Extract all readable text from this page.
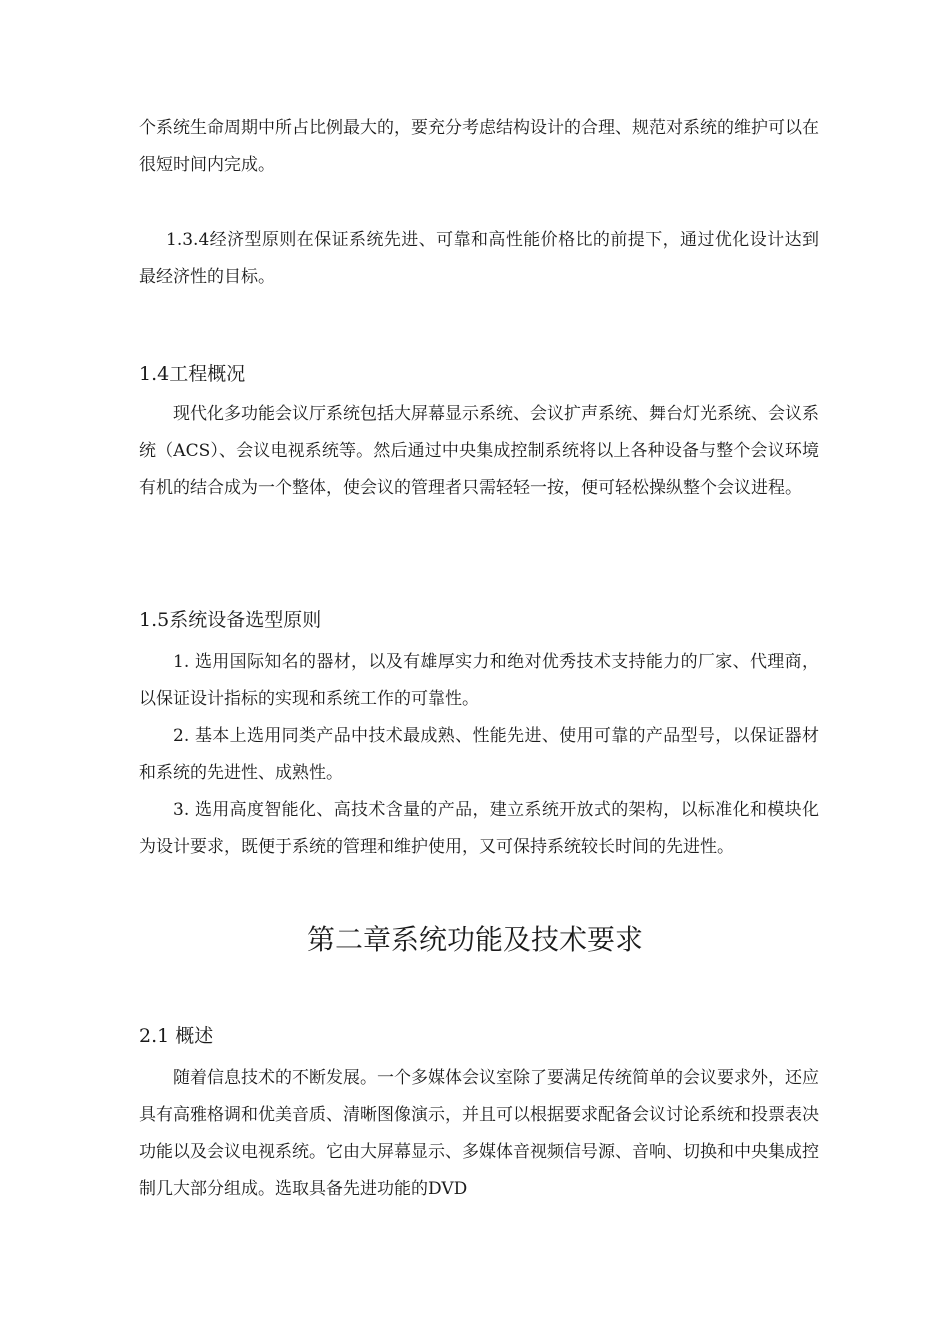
个系统生命周期中所占比例最大的，要充分考虑结构设计的合理、规范对系统的维护可以在很短时间内完成。

1.3.4经济型原则在保证系统先进、可靠和高性能价格比的前提下，通过优化设计达到最经济性的目标。

1.4工程概况

现代化多功能会议厅系统包括大屏幕显示系统、会议扩声系统、舞台灯光系统、会议系统（ACS）、会议电视系统等。然后通过中央集成控制系统将以上各种设备与整个会议环境有机的结合成为一个整体，使会议的管理者只需轻轻一按，便可轻松操纵整个会议进程。

1.5系统设备选型原则

1. 选用国际知名的器材，以及有雄厚实力和绝对优秀技术支持能力的厂家、代理商，以保证设计指标的实现和系统工作的可靠性。

2. 基本上选用同类产品中技术最成熟、性能先进、使用可靠的产品型号，以保证器材和系统的先进性、成熟性。

3. 选用高度智能化、高技术含量的产品，建立系统开放式的架构，以标准化和模块化为设计要求，既便于系统的管理和维护使用，又可保持系统较长时间的先进性。

第二章系统功能及技术要求
2.1 概述

随着信息技术的不断发展。一个多媒体会议室除了要满足传统简单的会议要求外，还应具有高雅格调和优美音质、清晰图像演示，并且可以根据要求配备会议讨论系统和投票表决功能以及会议电视系统。它由大屏幕显示、多媒体音视频信号源、音响、切换和中央集成控制几大部分组成。选取具备先进功能的DVD
